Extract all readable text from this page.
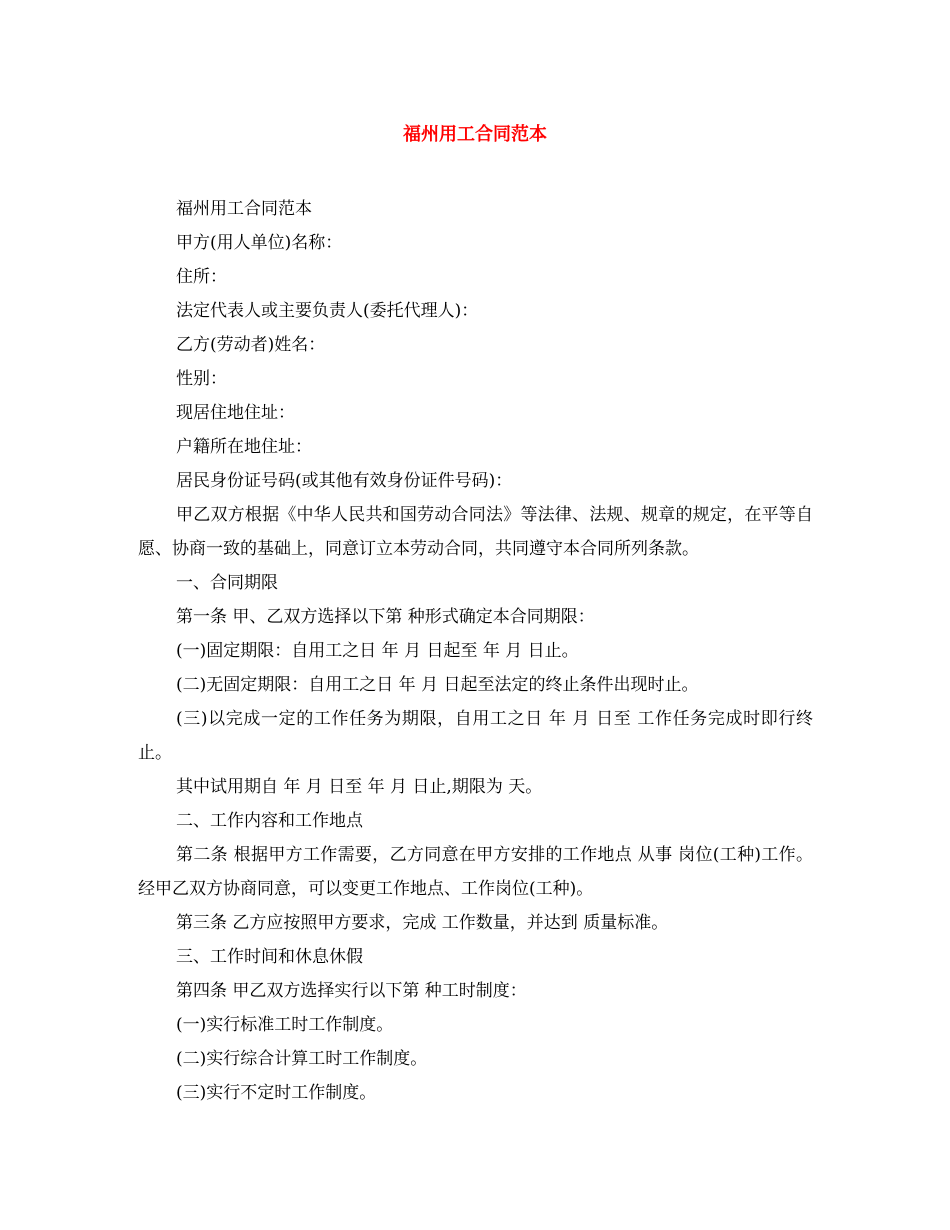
福州用工合同范本

福州用工合同范本

甲方(用人单位)名称：

住所：

法定代表人或主要负责人(委托代理人)：

乙方(劳动者)姓名：

性别：

现居住地住址：

户籍所在地住址：

居民身份证号码(或其他有效身份证件号码)：

甲乙双方根据《中华人民共和国劳动合同法》等法律、法规、规章的规定，在平等自愿、协商一致的基础上，同意订立本劳动合同，共同遵守本合同所列条款。

一、合同期限

第一条 甲、乙双方选择以下第 种形式确定本合同期限：

(一)固定期限：自用工之日 年 月 日起至 年 月 日止。

(二)无固定期限：自用工之日 年 月 日起至法定的终止条件出现时止。

(三)以完成一定的工作任务为期限，自用工之日 年 月 日至 工作任务完成时即行终止。

其中试用期自 年 月 日至 年 月 日止,期限为 天。

二、工作内容和工作地点

第二条 根据甲方工作需要，乙方同意在甲方安排的工作地点 从事 岗位(工种)工作。经甲乙双方协商同意，可以变更工作地点、工作岗位(工种)。

第三条 乙方应按照甲方要求，完成 工作数量，并达到 质量标准。

三、工作时间和休息休假

第四条 甲乙双方选择实行以下第 种工时制度：

(一)实行标准工时工作制度。

(二)实行综合计算工时工作制度。

(三)实行不定时工作制度。
